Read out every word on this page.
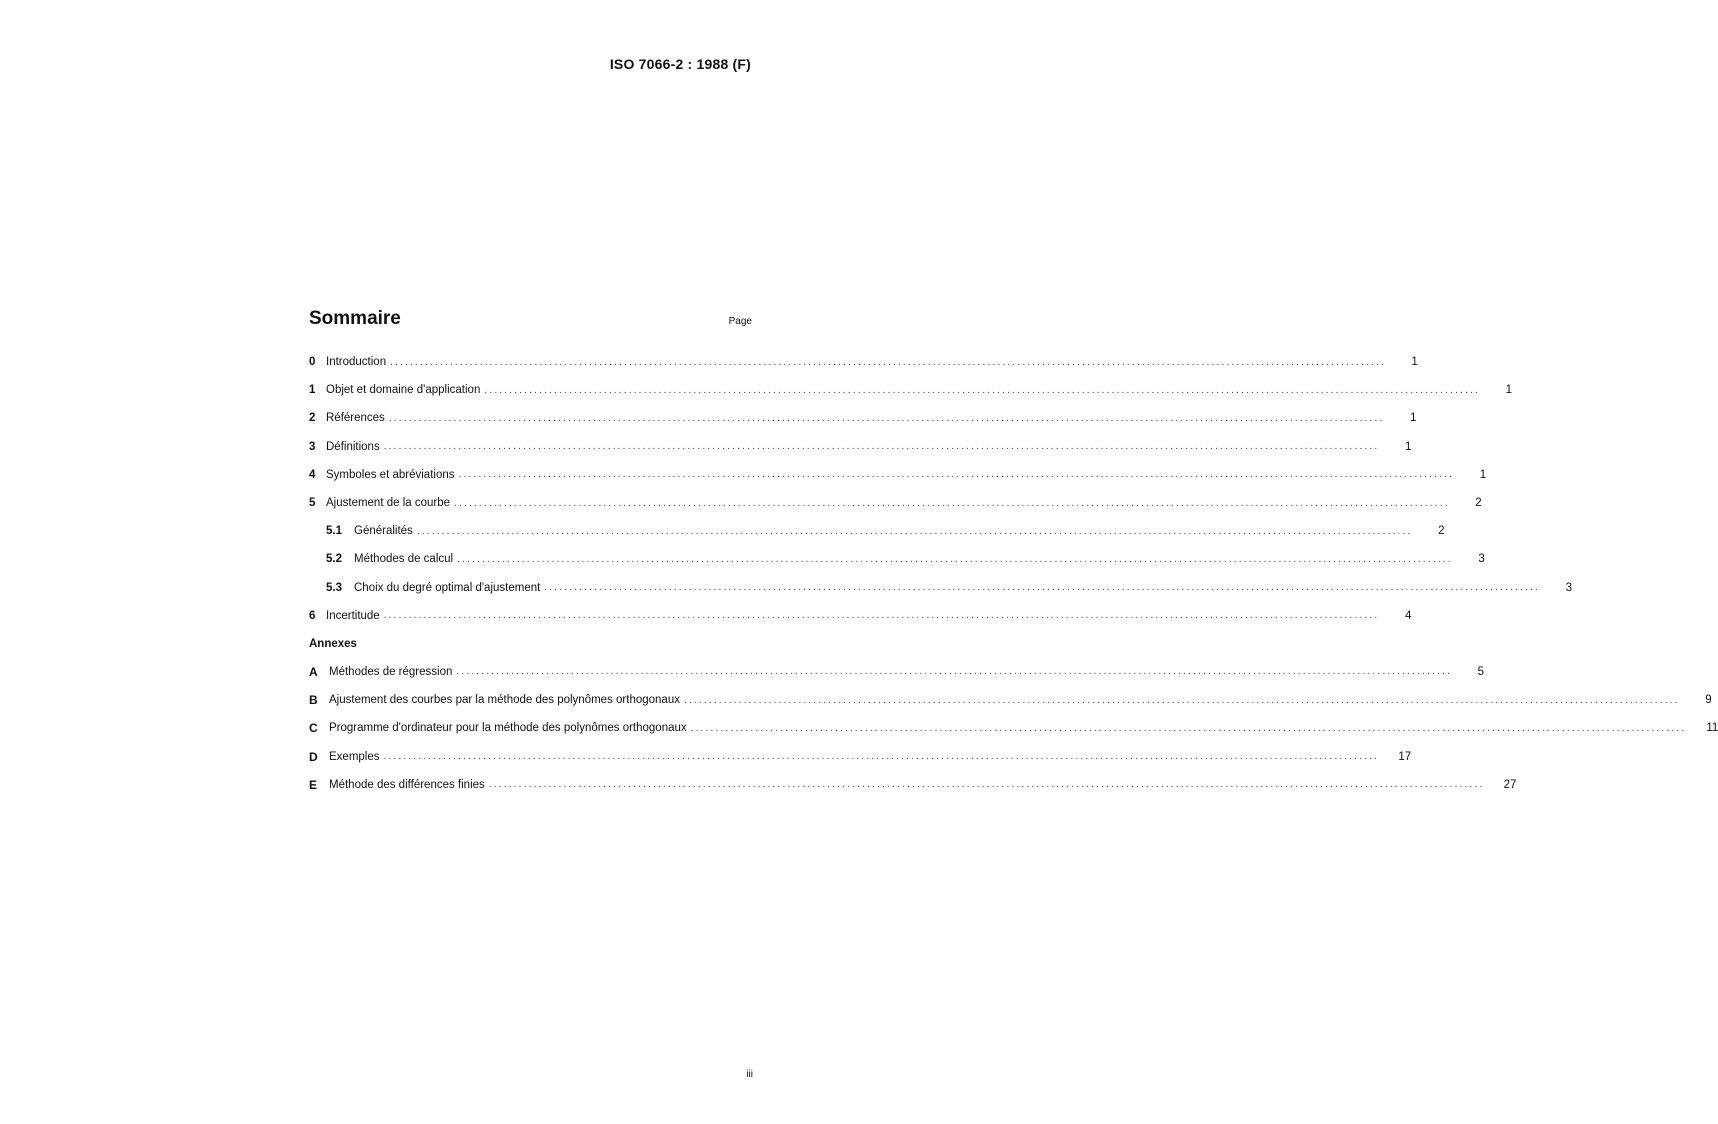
ISO 7066-2 : 1988 (F)
Sommaire	Page
0 Introduction ........................................................................................................................................................................................................	1
1 Objet et domaine d'application ........................................................................................................................................................................................................	1
2 Références ........................................................................................................................................................................................................	1
3 Définitions ........................................................................................................................................................................................................	1
4 Symboles et abréviations ........................................................................................................................................................................................................	1
5 Ajustement de la courbe ........................................................................................................................................................................................................	2
5.1	Généralités ........................................................................................................................................................................................................	2
5.2	Méthodes de calcul ........................................................................................................................................................................................................	3
5.3	Choix du degré optimal d'ajustement ........................................................................................................................................................................................................	3
6 Incertitude ........................................................................................................................................................................................................	4
Annexes
A Méthodes de régression ........................................................................................................................................................................................................	5
B Ajustement des courbes par la méthode des polynômes orthogonaux ........................................................................................................................................................................................................	9
C Programme d'ordinateur pour la méthode des polynômes orthogonaux ........................................................................................................................................................................................................	11
D Exemples ........................................................................................................................................................................................................	17
E	Méthode des différences finies ........................................................................................................................................................................................................	27
iii
